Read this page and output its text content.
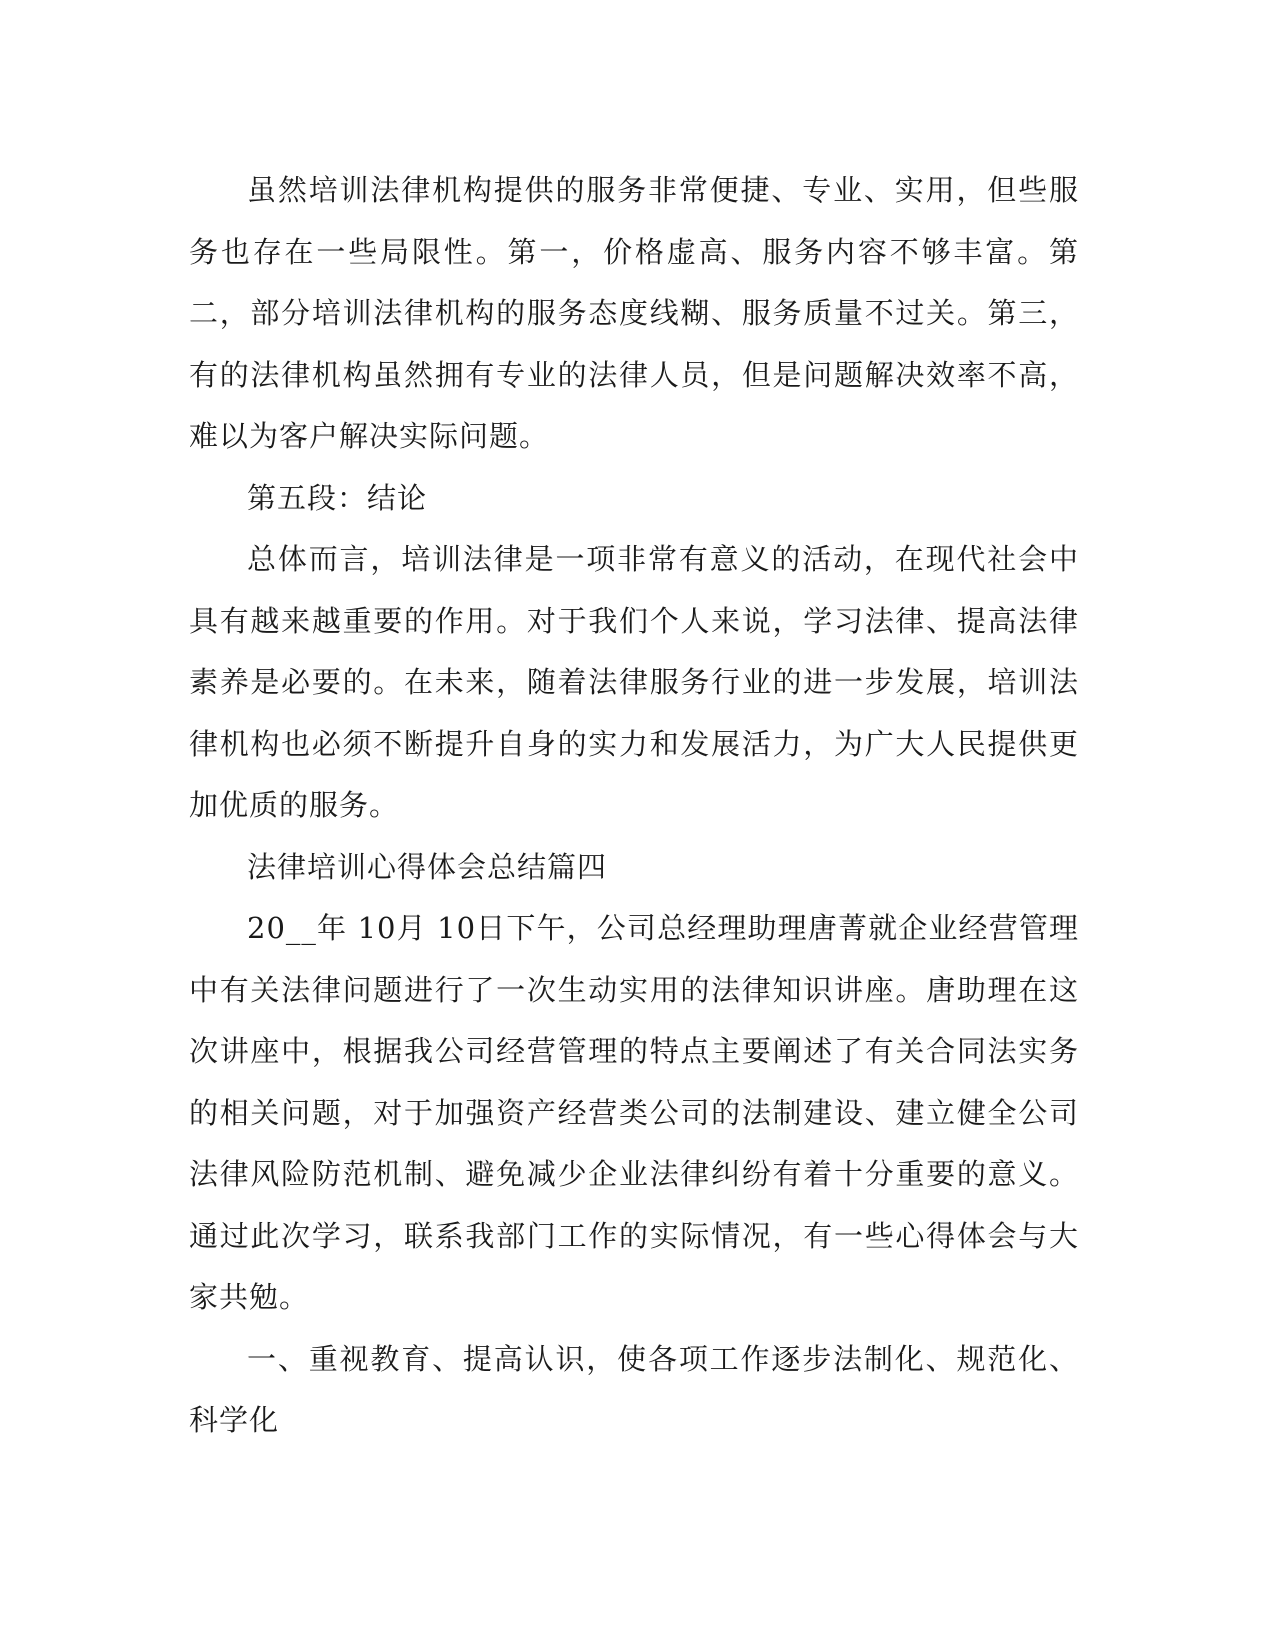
虽然培训法律机构提供的服务非常便捷、专业、实用，但些服务也存在一些局限性。第一，价格虚高、服务内容不够丰富。第二，部分培训法律机构的服务态度线糊、服务质量不过关。第三，有的法律机构虽然拥有专业的法律人员，但是问题解决效率不高，难以为客户解决实际问题。

第五段：结论

总体而言，培训法律是一项非常有意义的活动，在现代社会中具有越来越重要的作用。对于我们个人来说，学习法律、提高法律素养是必要的。在未来，随着法律服务行业的进一步发展，培训法律机构也必须不断提升自身的实力和发展活力，为广大人民提供更加优质的服务。

法律培训心得体会总结篇四

20__年 10月 10日下午，公司总经理助理唐菁就企业经营管理中有关法律问题进行了一次生动实用的法律知识讲座。唐助理在这次讲座中，根据我公司经营管理的特点主要阐述了有关合同法实务的相关问题，对于加强资产经营类公司的法制建设、建立健全公司法律风险防范机制、避免减少企业法律纠纷有着十分重要的意义。通过此次学习，联系我部门工作的实际情况，有一些心得体会与大家共勉。

一、重视教育、提高认识，使各项工作逐步法制化、规范化、科学化
